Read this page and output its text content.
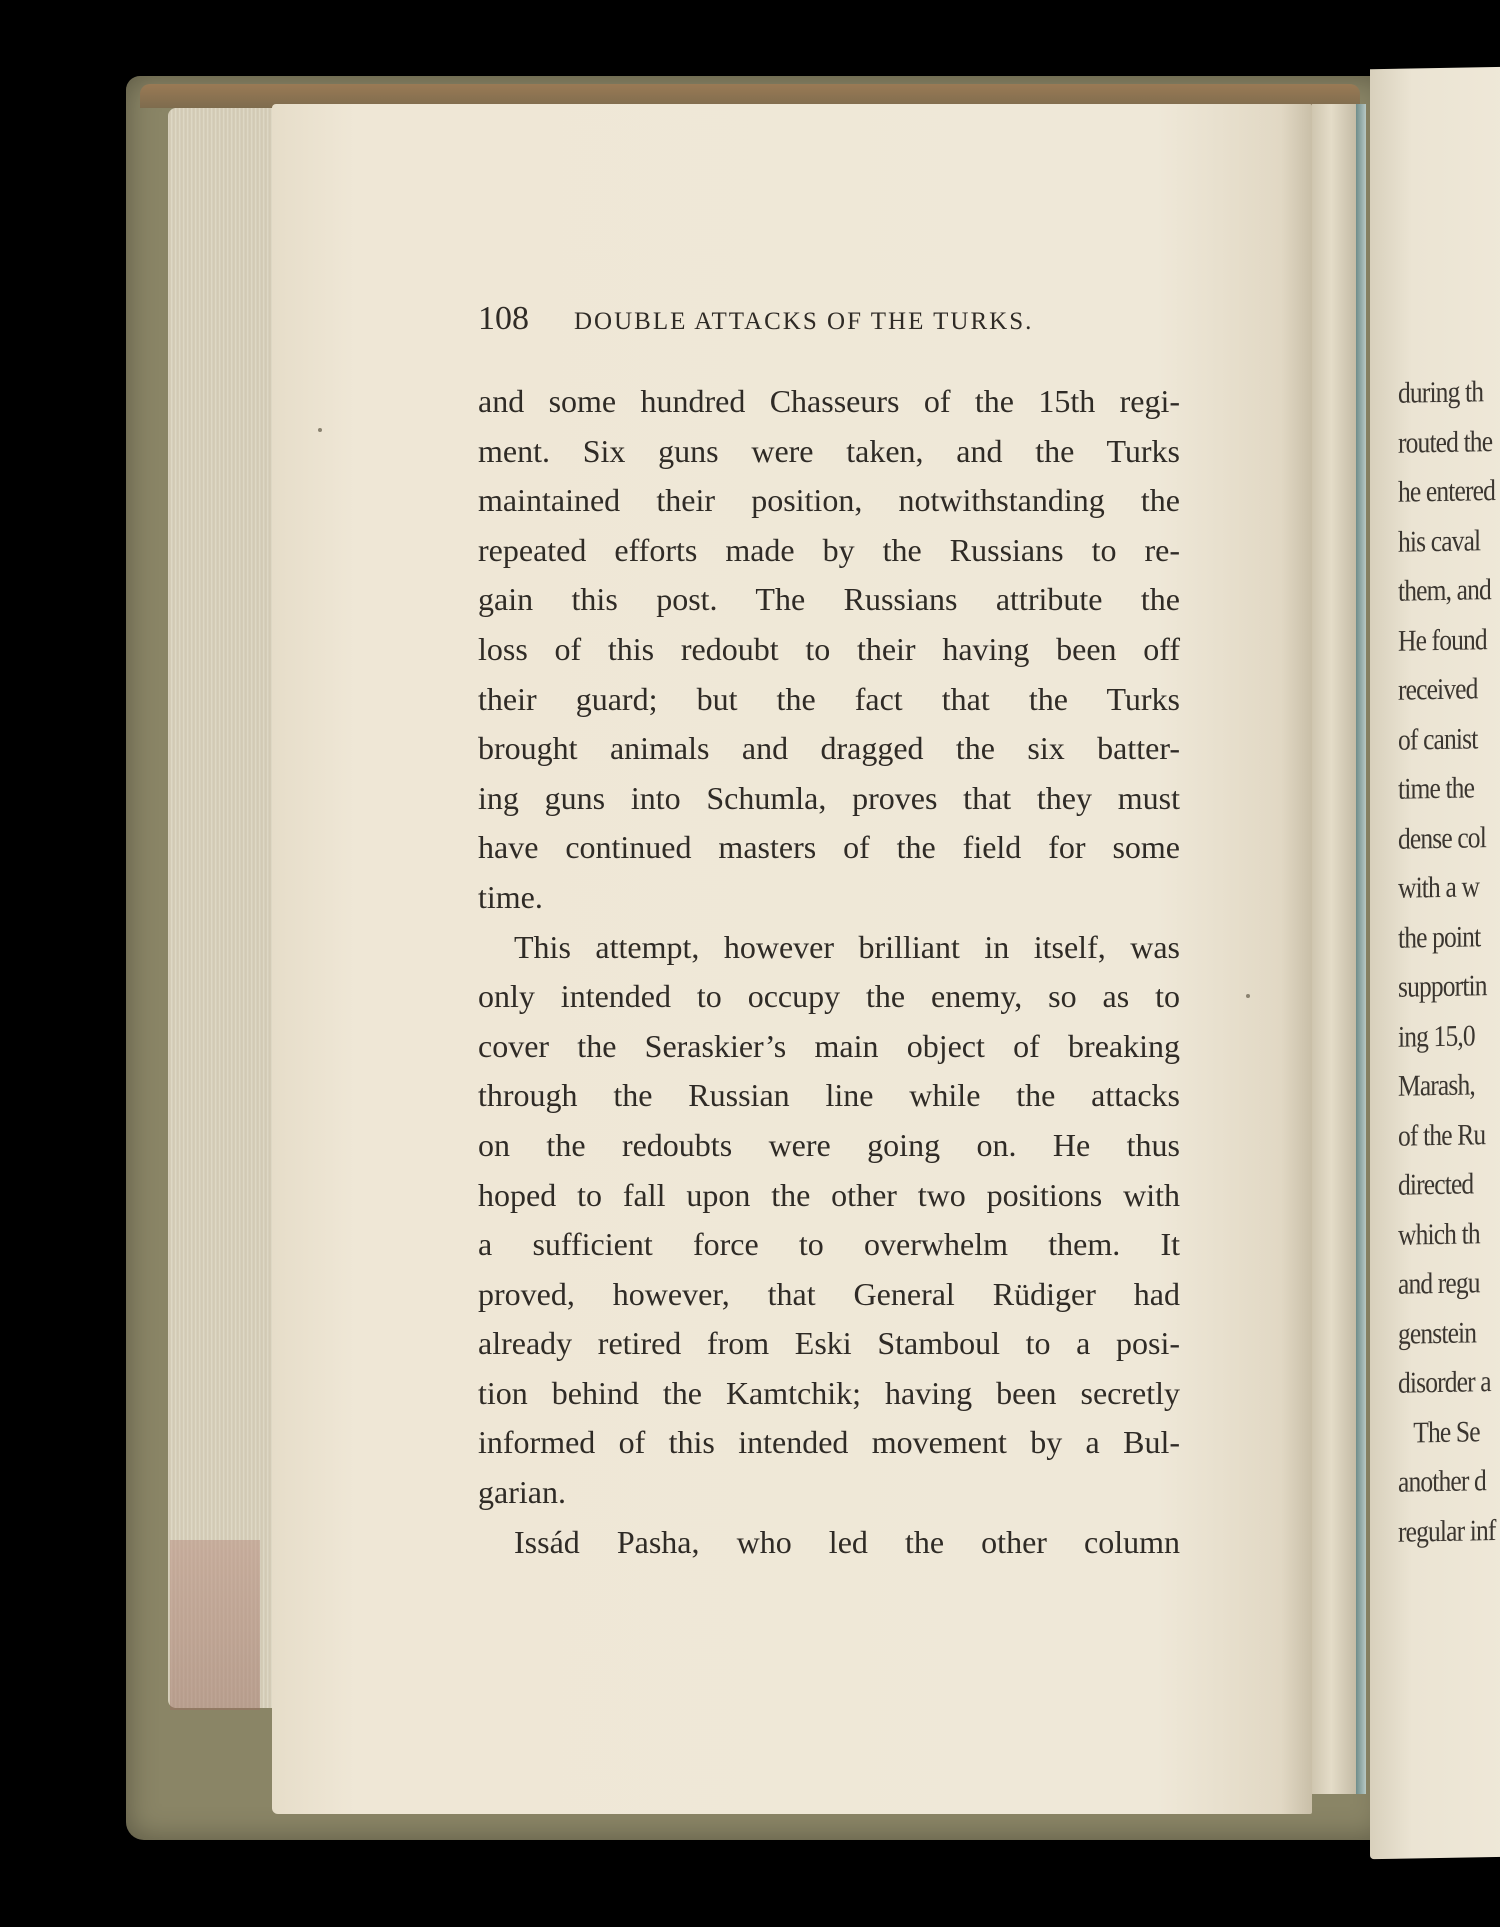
during th
routed the
he entered
his caval
them, and
He found
received
of canist
time the
dense col
with a w
the point
supportin
ing 15,0
Marash,
of the Ru
directed
which th
and regu
genstein
disorder a
The Se
another d
regular inf
108 DOUBLE ATTACKS OF THE TURKS.
and some hundred Chasseurs of the 15th regi-
ment. Six guns were taken, and the Turks
maintained their position, notwithstanding the
repeated efforts made by the Russians to re-
gain this post. The Russians attribute the
loss of this redoubt to their having been off
their guard; but the fact that the Turks
brought animals and dragged the six batter-
ing guns into Schumla, proves that they must
have continued masters of the field for some
time.
This attempt, however brilliant in itself, was
only intended to occupy the enemy, so as to
cover the Seraskier’s main object of breaking
through the Russian line while the attacks
on the redoubts were going on. He thus
hoped to fall upon the other two positions with
a sufficient force to overwhelm them. It
proved, however, that General Rüdiger had
already retired from Eski Stamboul to a posi-
tion behind the Kamtchik; having been secretly
informed of this intended movement by a Bul-
garian.
Issád Pasha, who led the other column
